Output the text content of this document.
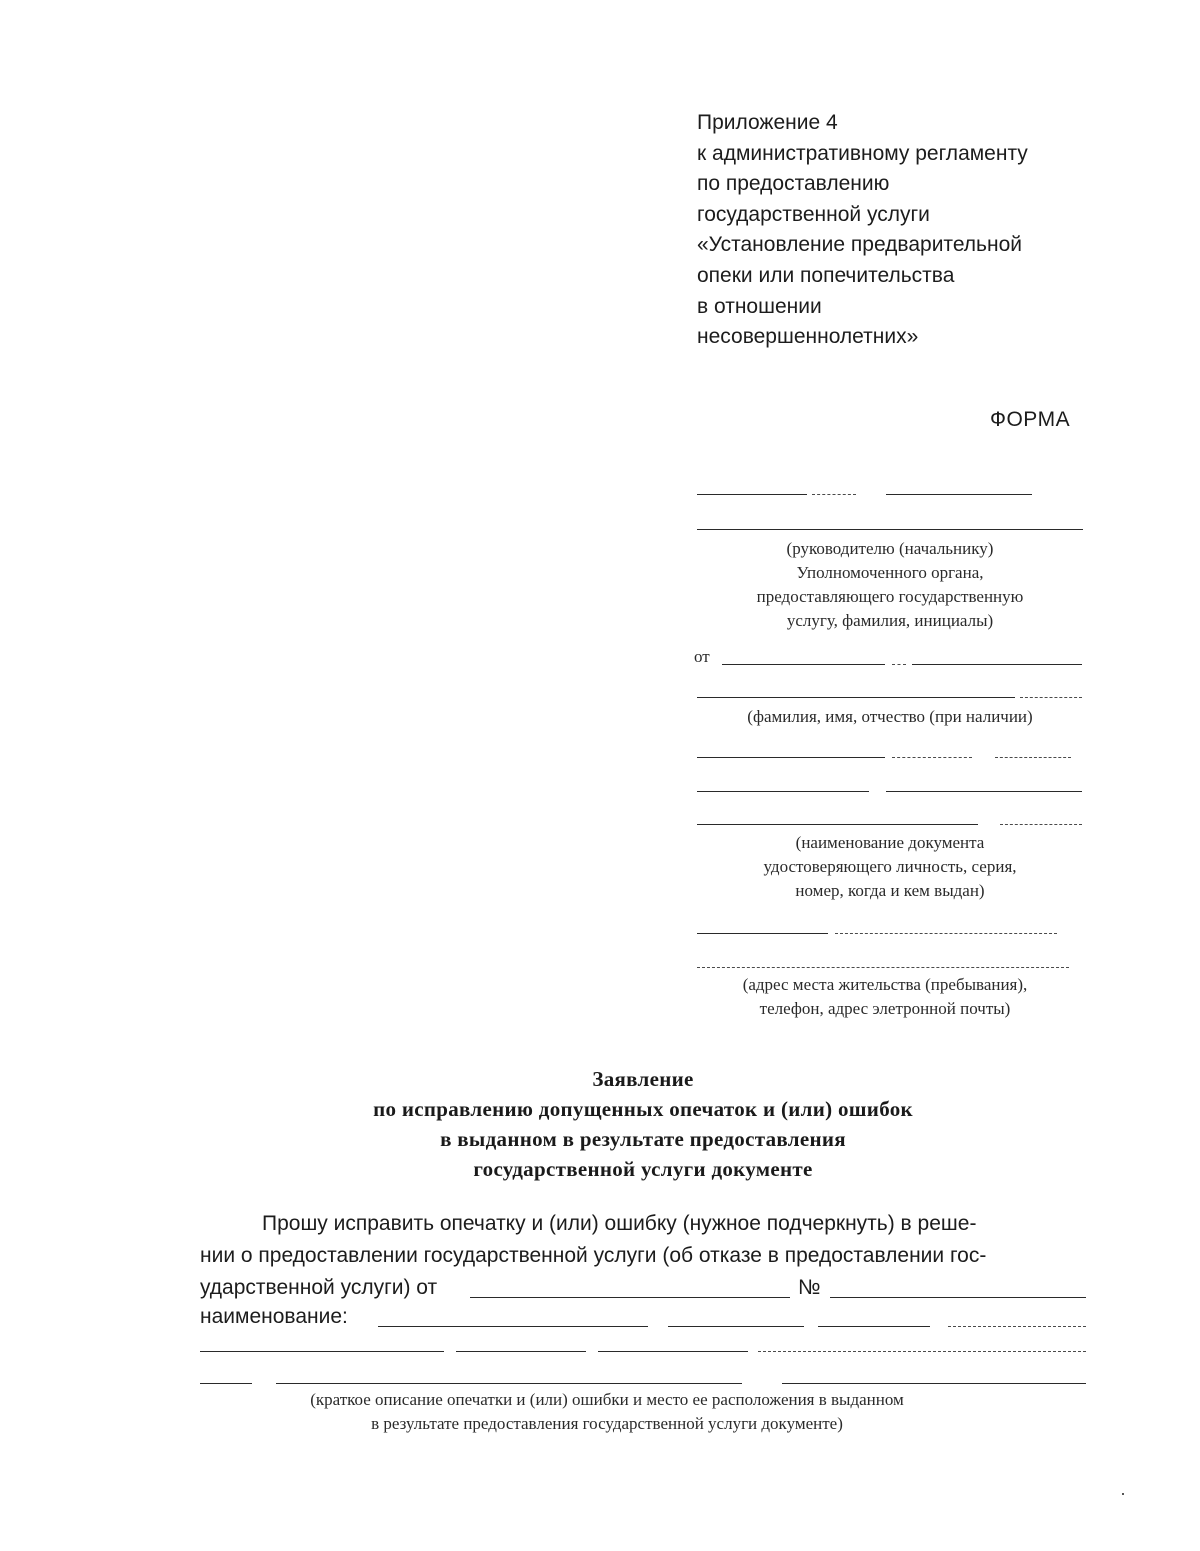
Приложение 4
к административному регламенту
по предоставлению
государственной услуги
«Установление предварительной
опеки или попечительства
в отношении
несовершеннолетних»
ФОРМА
(руководителю (начальнику)
Уполномоченного органа,
предоставляющего государственную
услугу, фамилия, инициалы)
от
(фамилия, имя, отчество (при наличии)
(наименование документа
удостоверяющего личность, серия,
номер, когда и кем выдан)
(адрес места жительства (пребывания),
телефон, адрес элетронной почты)
Заявление
по исправлению допущенных опечаток и (или) ошибок
в выданном в результате предоставления
государственной услуги документе
Прошу исправить опечатку и (или) ошибку (нужное подчеркнуть) в реше-
нии о предоставлении государственной услуги (об отказе в предоставлении гос-
ударственной услуги) от	№
наименование:
(краткое описание опечатки и (или) ошибки и место ее расположения в выданном
в результате предоставления государственной услуги документе)
